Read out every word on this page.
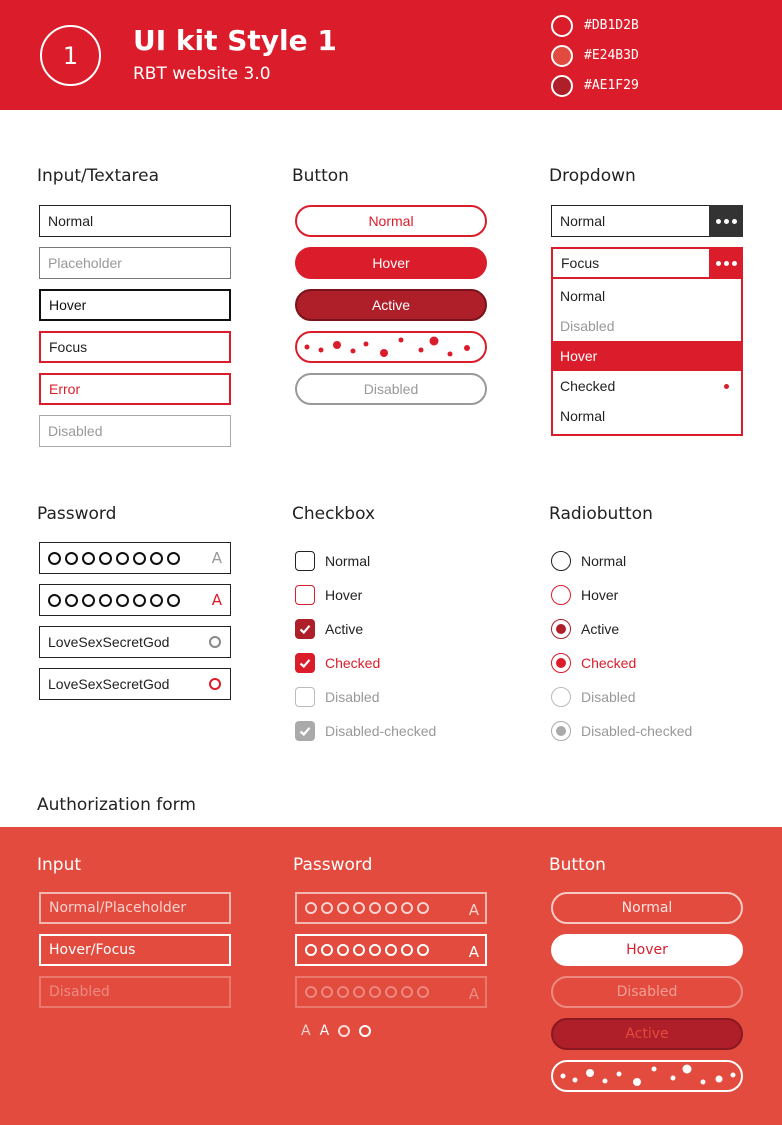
1	UI kit Style 1
RBT website 3.0
#DB1D2B
#E24B3D
#AE1F29
Input/Textarea
Normal
Placeholder
Hover
Focus
Error
Disabled
Button
Normal
Hover
Active
Disabled
Dropdown
Normal
Focus
Normal
Disabled
Hover
Checked
Normal
Password
A
A
LoveSexSecretGod
LoveSexSecretGod
Checkbox
Normal
Hover
Active
Checked
Disabled
Disabled-checked
Radiobutton
Normal
Hover
Active
Checked
Disabled
Disabled-checked
Authorization form
Input
Normal/Placeholder
Hover/Focus
Disabled
Password
A
A
A
A A
Button
Normal
Hover
Disabled
Active
